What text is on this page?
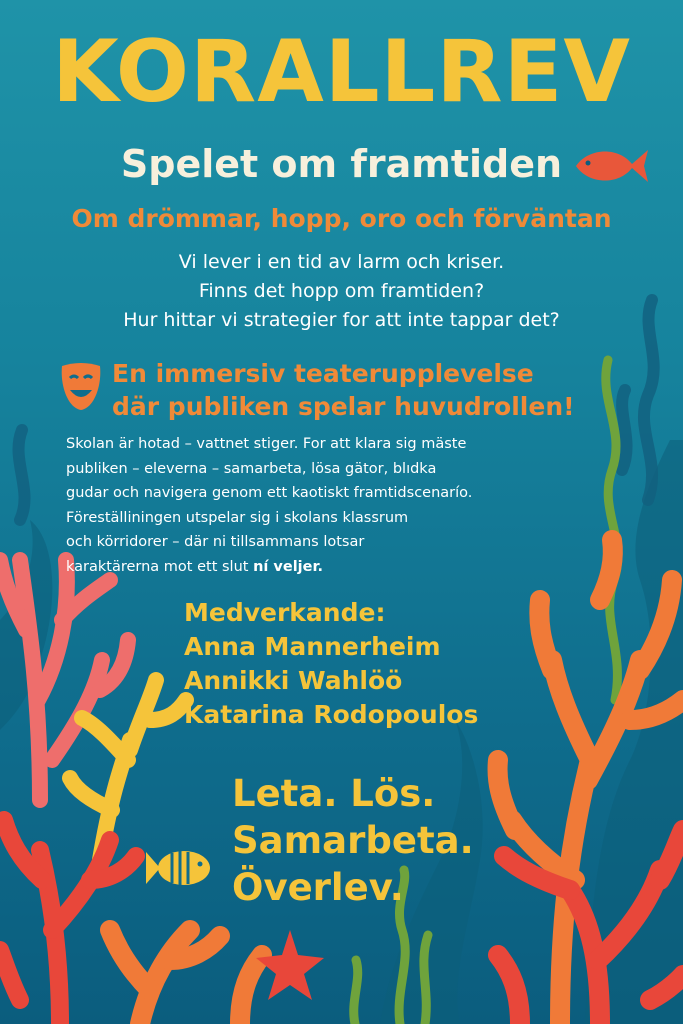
KORALLREV
Spelet om framtiden

Om drömmar, hopp, oro och förväntan

Vi lever i en tid av larm och kriser.
Finns det hopp om framtiden?
Hur hittar vi strategier for att inte tappar det?

En immersiv teaterupplevelse
där publiken spelar huvudrollen!

Skolan är hotad – vattnet stiger. For att klara sig mäste
publiken – eleverna – samarbeta, lösa gätor, blıdka
gudar och navigera genom ett kaotiskt framtidscenarío.
Föreställiningen utspelar sig i skolans klassrum
och körridorer – där ni tillsammans lotsar
karaktärerna mot ett slut ní veljer.

Medverkande:
Anna Mannerheim
Annikki Wahlöö
Katarina Rodopoulos
Leta. Lös.
Samarbeta.
Överlev.
